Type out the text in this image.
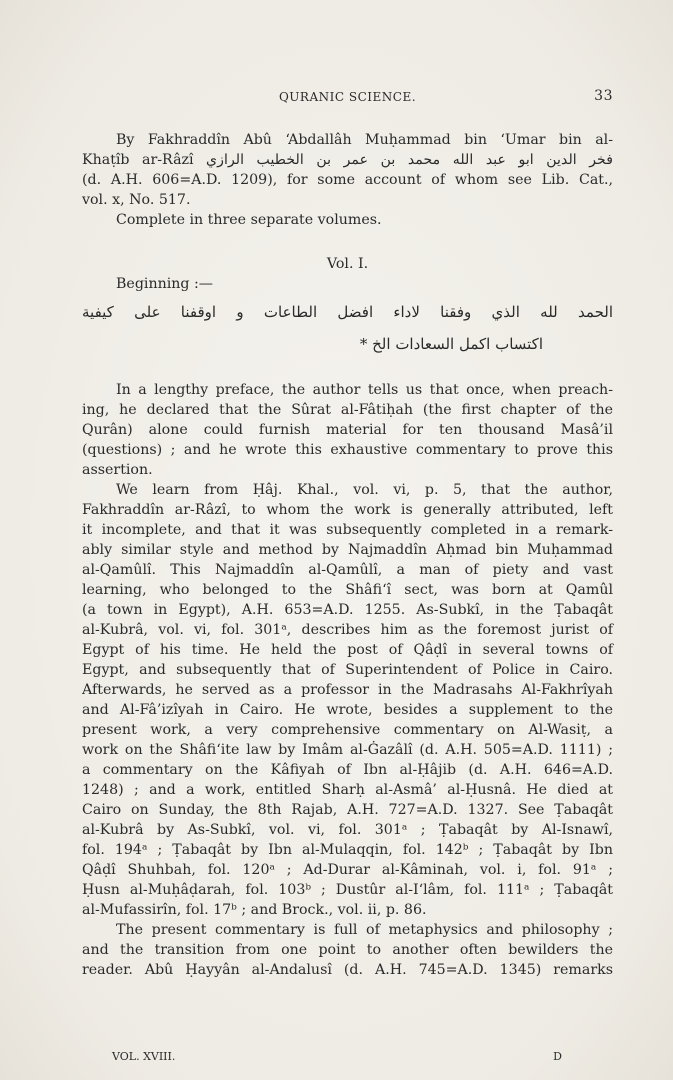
QURANIC SCIENCE.	33
By Fakhraddîn Abû ‘Abdallâh Muḥammad bin ‘Umar bin al-
Khaṭîb ar-Râzî فخر الدين ابو عبد الله محمد بن عمر بن الخطيب الرازي
(d. A.H. 606=A.D. 1209), for some account of whom see Lib. Cat.,
vol. x, No. 517.
Complete in three separate volumes.
Vol. I.
Beginning :—
الحمد لله الذي وفقنا لاداء افضل الطاعات و اوقفنا على كيفية
اكتساب اكمل السعادات الخ *
In a lengthy preface, the author tells us that once, when preach-
ing, he declared that the Sûrat al-Fâtiḥah (the first chapter of the
Qurân) alone could furnish material for ten thousand Masâ’il
(questions) ; and he wrote this exhaustive commentary to prove this
assertion.
We learn from Ḥâj. Khal., vol. vi, p. 5, that the author,
Fakhraddîn ar-Râzî, to whom the work is generally attributed, left
it incomplete, and that it was subsequently completed in a remark-
ably similar style and method by Najmaddîn Aḥmad bin Muḥammad
al-Qamûlî. This Najmaddîn al-Qamûlî, a man of piety and vast
learning, who belonged to the Shâfi‘î sect, was born at Qamûl
(a town in Egypt), A.H. 653=A.D. 1255. As-Subkî, in the Ṭabaqât
al-Kubrâ, vol. vi, fol. 301ᵃ, describes him as the foremost jurist of
Egypt of his time. He held the post of Qâḍî in several towns of
Egypt, and subsequently that of Superintendent of Police in Cairo.
Afterwards, he served as a professor in the Madrasahs Al-Fakhrîyah
and Al-Fâ’izîyah in Cairo. He wrote, besides a supplement to the
present work, a very comprehensive commentary on Al-Wasiṭ, a
work on the Shâfi‘ite law by Imâm al-Ġazâlî (d. A.H. 505=A.D. 1111) ;
a commentary on the Kâfiyah of Ibn al-Ḥâjib (d. A.H. 646=A.D.
1248) ; and a work, entitled Sharḥ al-Asmâ’ al-Ḥusnâ. He died at
Cairo on Sunday, the 8th Rajab, A.H. 727=A.D. 1327. See Ṭabaqât
al-Kubrâ by As-Subkî, vol. vi, fol. 301ᵃ ; Ṭabaqât by Al-Isnawî,
fol. 194ᵃ ; Ṭabaqât by Ibn al-Mulaqqin, fol. 142ᵇ ; Ṭabaqât by Ibn
Qâḍî Shuhbah, fol. 120ᵃ ; Ad-Durar al-Kâminah, vol. i, fol. 91ᵃ ;
Ḥusn al-Muḥâḍarah, fol. 103ᵇ ; Dustûr al-I‘lâm, fol. 111ᵃ ; Ṭabaqât
al-Mufassirîn, fol. 17ᵇ ; and Brock., vol. ii, p. 86.
The present commentary is full of metaphysics and philosophy ;
and the transition from one point to another often bewilders the
reader. Abû Ḥayyân al-Andalusî (d. A.H. 745=A.D. 1345) remarks
VOL. XVIII.	D
